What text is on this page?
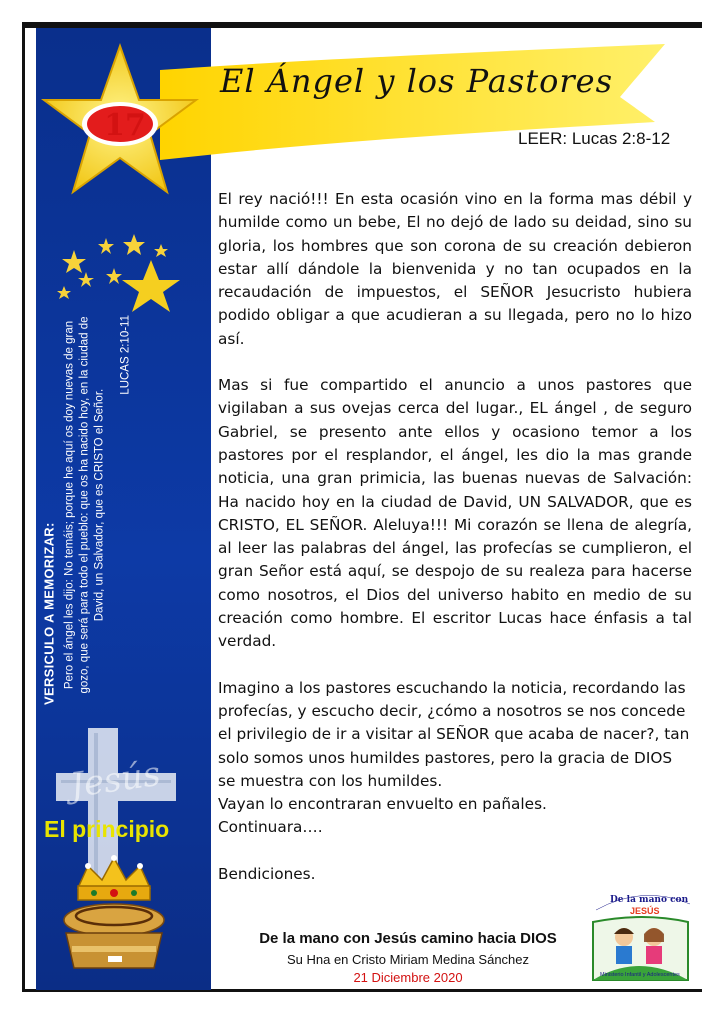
17
El Ángel y los Pastores
LEER: Lucas 2:8-12
VERSICULO A MEMORIZAR: Pero el ángel les dijo: No temáis; porque he aquí os doy nuevas de gran gozo, que será para todo el pueblo: que os ha nacido hoy, en la ciudad de David, un Salvador, que es CRISTO el Señor.
LUCAS 2:10-11
Jesús
El principio

El rey nació!!! En esta ocasión vino en la forma mas débil y humilde como un bebe, El no dejó de lado su deidad, sino su gloria, los hombres que son corona de su creación debieron estar allí dándole la bienvenida y no tan ocupados en la recaudación de impuestos, el SEÑOR Jesucristo hubiera podido obligar a que acudieran a su llegada, pero no lo hizo así.

Mas si fue compartido el anuncio a unos pastores que vigilaban a sus ovejas cerca del lugar., EL ángel , de seguro Gabriel, se presento ante ellos y ocasiono temor a los pastores por el resplandor, el ángel, les dio la mas grande noticia, una gran primicia, las buenas nuevas de Salvación: Ha nacido hoy en la ciudad de David, UN SALVADOR, que es CRISTO, EL SEÑOR. Aleluya!!! Mi corazón se llena de alegría, al leer las palabras del ángel, las profecías se cumplieron, el gran Señor está aquí, se despojo de su realeza para hacerse como nosotros, el Dios del universo habito en medio de su creación como hombre. El escritor Lucas hace énfasis a tal verdad.

Imagino a los pastores escuchando la noticia, recordando las profecías, y escucho decir, ¿cómo a nosotros se nos concede el privilegio de ir a visitar al SEÑOR que acaba de nacer?, tan solo somos unos humildes pastores, pero la gracia de DIOS se muestra con los humildes.

Vayan lo encontraran envuelto en pañales.

Continuara….

Bendiciones.

De la mano con Jesús camino hacia DIOS
Su Hna en Cristo Miriam Medina Sánchez
21 Diciembre 2020
De la mano con
JESÚS
Ministerio Infantil y Adolescentes
